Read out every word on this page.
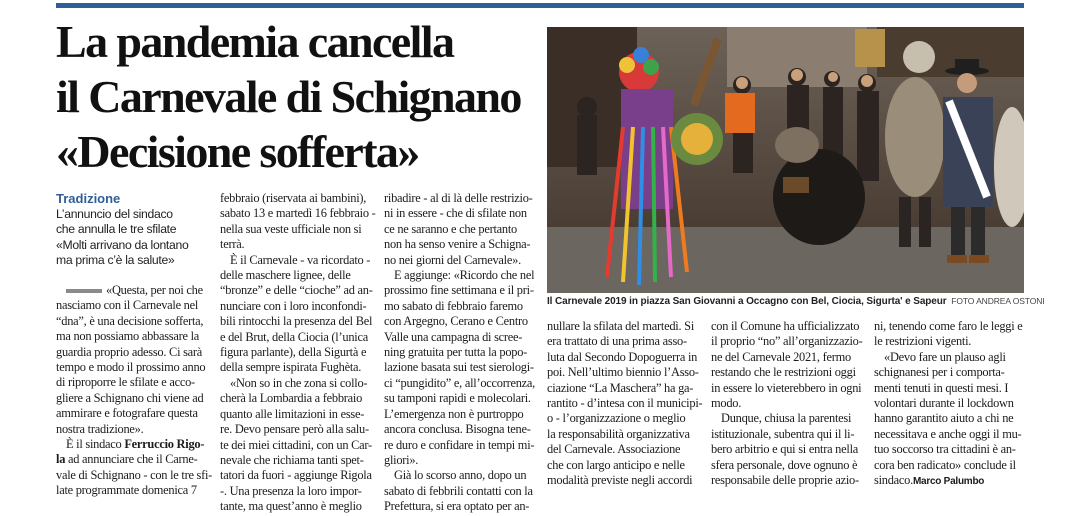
La pandemia cancella
il Carnevale di Schignano
«Decisione sofferta»
Il Carnevale 2019 in piazza San Giovanni a Occagno con Bel, Ciocia, Sigurta' e Sapeur FOTO ANDREA OSTONI
Tradizione
L’annuncio del sindaco
che annulla le tre sfilate
«Molti arrivano da lontano
ma prima c’è la salute»
«Questa, per noi che
nasciamo con il Carnevale nel
“dna”, è una decisione sofferta,
ma non possiamo abbassare la
guardia proprio adesso. Ci sarà
tempo e modo il prossimo anno
di riproporre le sfilate e acco-
gliere a Schignano chi viene ad
ammirare e fotografare questa
nostra tradizione».
È il sindaco Ferruccio Rigo-
la ad annunciare che il Carne-
vale di Schignano - con le tre sfi-
late programmate domenica 7
febbraio (riservata ai bambini),
sabato 13 e martedì 16 febbraio -
nella sua veste ufficiale non si
terrà.
È il Carnevale - va ricordato -
delle maschere lignee, delle
“bronze” e delle “cioche” ad an-
nunciare con i loro inconfondi-
bili rintocchi la presenza del Bel
e del Brut, della Ciocia (l’unica
figura parlante), della Sigurtà e
della sempre ispirata Fughèta.
«Non so in che zona si collo-
cherà la Lombardia a febbraio
quanto alle limitazioni in esse-
re. Devo pensare però alla salu-
te dei miei cittadini, con un Car-
nevale che richiama tanti spet-
tatori da fuori - aggiunge Rigola
-. Una presenza la loro impor-
tante, ma quest’anno è meglio
ribadire - al di là delle restrizio-
ni in essere - che di sfilate non
ce ne saranno e che pertanto
non ha senso venire a Schigna-
no nei giorni del Carnevale».
E aggiunge: «Ricordo che nel
prossimo fine settimana e il pri-
mo sabato di febbraio faremo
con Argegno, Cerano e Centro
Valle una campagna di scree-
ning gratuita per tutta la popo-
lazione basata sui test sierologi-
ci “pungidito” e, all’occorrenza,
su tamponi rapidi e molecolari.
L’emergenza non è purtroppo
ancora conclusa. Bisogna tene-
re duro e confidare in tempi mi-
gliori».
Già lo scorso anno, dopo un
sabato di febbrili contatti con la
Prefettura, si era optato per an-
nullare la sfilata del martedì. Si
era trattato di una prima asso-
luta dal Secondo Dopoguerra in
poi. Nell’ultimo biennio l’Asso-
ciazione “La Maschera” ha ga-
rantito - d’intesa con il municipi-
o - l’organizzazione o meglio
la responsabilità organizzativa
del Carnevale. Associazione
che con largo anticipo e nelle
modalità previste negli accordi
con il Comune ha ufficializzato
il proprio “no” all’organizzazio-
ne del Carnevale 2021, fermo
restando che le restrizioni oggi
in essere lo vieterebbero in ogni
modo.
Dunque, chiusa la parentesi
istituzionale, subentra qui il li-
bero arbitrio e qui si entra nella
sfera personale, dove ognuno è
responsabile delle proprie azio-
ni, tenendo come faro le leggi e
le restrizioni vigenti.
«Devo fare un plauso agli
schignanesi per i comporta-
menti tenuti in questi mesi. I
volontari durante il lockdown
hanno garantito aiuto a chi ne
necessitava e anche oggi il mu-
tuo soccorso tra cittadini è an-
cora ben radicato» conclude il
sindaco.Marco Palumbo
